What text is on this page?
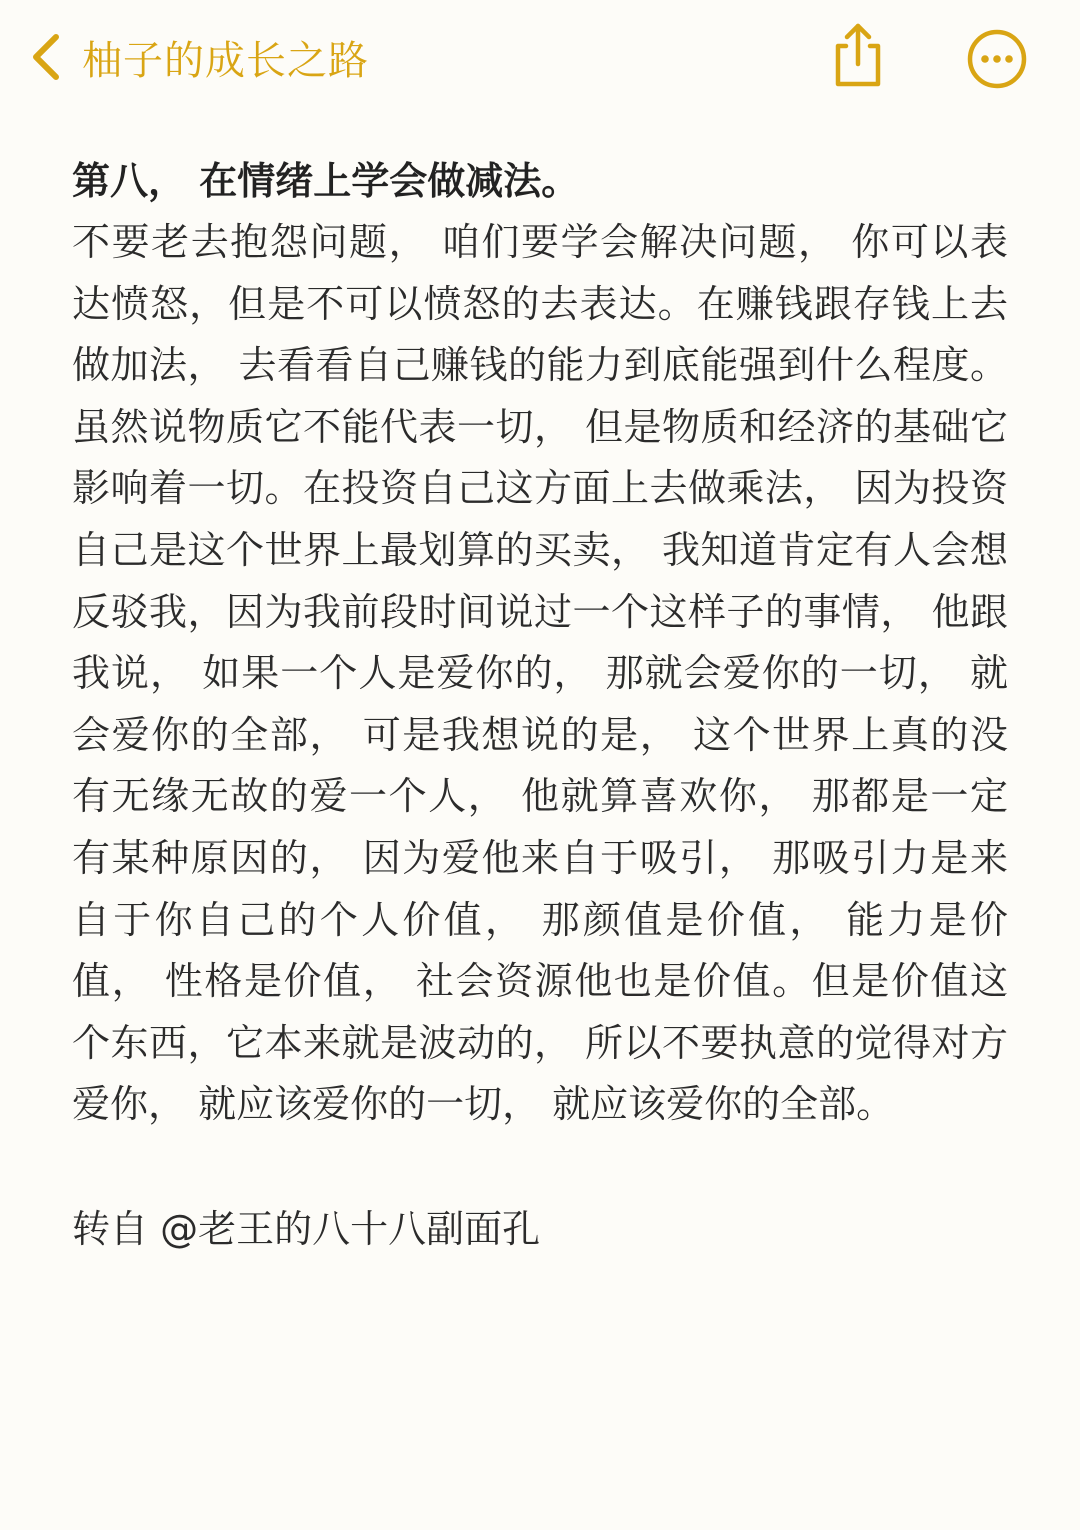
柚子的成长之路
第八， 在情绪上学会做减法。
不要老去抱怨问题， 咱们要学会解决问题， 你可以表达愤怒，但是不可以愤怒的去表达。在赚钱跟存钱上去做加法， 去看看自己赚钱的能力到底能强到什么程度。虽然说物质它不能代表一切， 但是物质和经济的基础它影响着一切。在投资自己这方面上去做乘法， 因为投资自己是这个世界上最划算的买卖， 我知道肯定有人会想反驳我，因为我前段时间说过一个这样子的事情， 他跟我说， 如果一个人是爱你的， 那就会爱你的一切， 就会爱你的全部， 可是我想说的是， 这个世界上真的没有无缘无故的爱一个人， 他就算喜欢你， 那都是一定有某种原因的， 因为爱他来自于吸引， 那吸引力是来自于你自己的个人价值， 那颜值是价值， 能力是价值， 性格是价值， 社会资源他也是价值。但是价值这个东西，它本来就是波动的， 所以不要执意的觉得对方爱你， 就应该爱你的一切， 就应该爱你的全部。
转自 @老王的八十八副面孔
